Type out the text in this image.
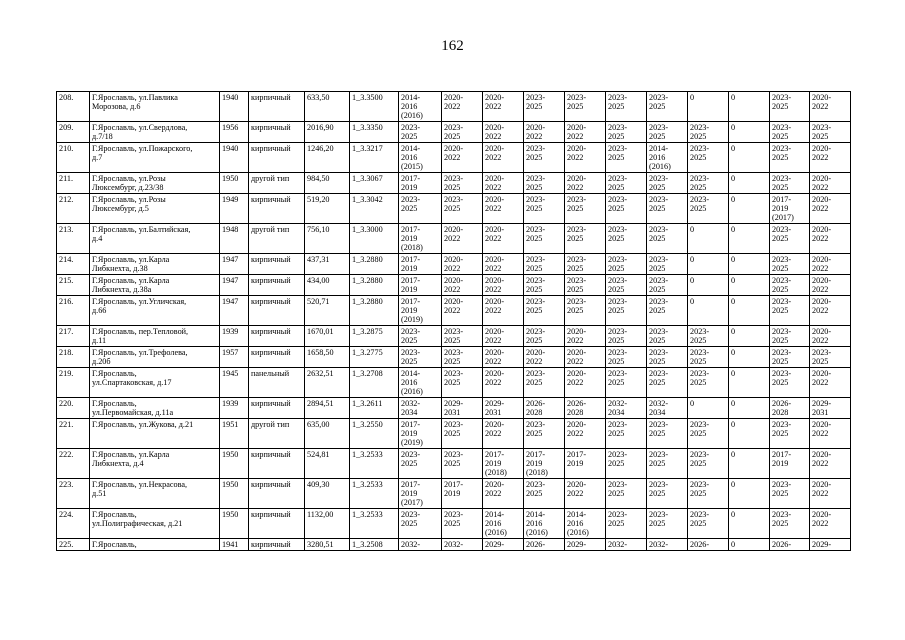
162
208.	Г.Ярославль, ул.Павлика
Морозова, д.6	1940	кирпичный	633,50	1_3.3500	2014-
2016
(2016)	2020-
2022	2020-
2022	2023-
2025	2023-
2025	2023-
2025	2023-
2025	0	0	2023-
2025	2020-
2022
209.	Г.Ярославль, ул.Свердлова,
д.7/18	1956	кирпичный	2016,90	1_3.3350	2023-
2025	2023-
2025	2020-
2022	2020-
2022	2020-
2022	2023-
2025	2023-
2025	2023-
2025	0	2023-
2025	2023-
2025
210.	Г.Ярославль, ул.Пожарского,
д.7	1940	кирпичный	1246,20	1_3.3217	2014-
2016
(2015)	2020-
2022	2020-
2022	2023-
2025	2020-
2022	2023-
2025	2014-
2016
(2016)	2023-
2025	0	2023-
2025	2020-
2022
211.	Г.Ярославль, ул.Розы
Люксембург, д.23/38	1950	другой тип	984,50	1_3.3067	2017-
2019	2023-
2025	2020-
2022	2023-
2025	2020-
2022	2023-
2025	2023-
2025	2023-
2025	0	2023-
2025	2020-
2022
212.	Г.Ярославль, ул.Розы
Люксембург, д.5	1949	кирпичный	519,20	1_3.3042	2023-
2025	2023-
2025	2020-
2022	2023-
2025	2023-
2025	2023-
2025	2023-
2025	2023-
2025	0	2017-
2019
(2017)	2020-
2022
213.	Г.Ярославль, ул.Балтийская,
д.4	1948	другой тип	756,10	1_3.3000	2017-
2019
(2018)	2020-
2022	2020-
2022	2023-
2025	2023-
2025	2023-
2025	2023-
2025	0	0	2023-
2025	2020-
2022
214.	Г.Ярославль, ул.Карла
Либкнехта, д.38	1947	кирпичный	437,31	1_3.2880	2017-
2019	2020-
2022	2020-
2022	2023-
2025	2023-
2025	2023-
2025	2023-
2025	0	0	2023-
2025	2020-
2022
215.	Г.Ярославль, ул.Карла
Либкнехта, д.38а	1947	кирпичный	434,00	1_3.2880	2017-
2019	2020-
2022	2020-
2022	2023-
2025	2023-
2025	2023-
2025	2023-
2025	0	0	2023-
2025	2020-
2022
216.	Г.Ярославль, ул.Угличская,
д.66	1947	кирпичный	520,71	1_3.2880	2017-
2019
(2019)	2020-
2022	2020-
2022	2023-
2025	2023-
2025	2023-
2025	2023-
2025	0	0	2023-
2025	2020-
2022
217.	Г.Ярославль, пер.Тепловой,
д.11	1939	кирпичный	1670,01	1_3.2875	2023-
2025	2023-
2025	2020-
2022	2023-
2025	2020-
2022	2023-
2025	2023-
2025	2023-
2025	0	2023-
2025	2020-
2022
218.	Г.Ярославль, ул.Трефолева,
д.20б	1957	кирпичный	1658,50	1_3.2775	2023-
2025	2023-
2025	2020-
2022	2020-
2022	2020-
2022	2023-
2025	2023-
2025	2023-
2025	0	2023-
2025	2023-
2025
219.	Г.Ярославль,
ул.Спартаковская, д.17	1945	панельный	2632,51	1_3.2708	2014-
2016
(2016)	2023-
2025	2020-
2022	2023-
2025	2020-
2022	2023-
2025	2023-
2025	2023-
2025	0	2023-
2025	2020-
2022
220.	Г.Ярославль,
ул.Первомайская, д.11а	1939	кирпичный	2894,51	1_3.2611	2032-
2034	2029-
2031	2029-
2031	2026-
2028	2026-
2028	2032-
2034	2032-
2034	0	0	2026-
2028	2029-
2031
221.	Г.Ярославль, ул.Жукова, д.21	1951	другой тип	635,00	1_3.2550	2017-
2019
(2019)	2023-
2025	2020-
2022	2023-
2025	2020-
2022	2023-
2025	2023-
2025	2023-
2025	0	2023-
2025	2020-
2022
222.	Г.Ярославль, ул.Карла
Либкнехта, д.4	1950	кирпичный	524,81	1_3.2533	2023-
2025	2023-
2025	2017-
2019
(2018)	2017-
2019
(2018)	2017-
2019	2023-
2025	2023-
2025	2023-
2025	0	2017-
2019	2020-
2022
223.	Г.Ярославль, ул.Некрасова,
д.51	1950	кирпичный	409,30	1_3.2533	2017-
2019
(2017)	2017-
2019	2020-
2022	2023-
2025	2020-
2022	2023-
2025	2023-
2025	2023-
2025	0	2023-
2025	2020-
2022
224.	Г.Ярославль,
ул.Полиграфическая, д.21	1950	кирпичный	1132,00	1_3.2533	2023-
2025	2023-
2025	2014-
2016
(2016)	2014-
2016
(2016)	2014-
2016
(2016)	2023-
2025	2023-
2025	2023-
2025	0	2023-
2025	2020-
2022
225.	Г.Ярославль,	1941	кирпичный	3280,51	1_3.2508	2032-	2032-	2029-	2026-	2029-	2032-	2032-	2026-	0	2026-	2029-
